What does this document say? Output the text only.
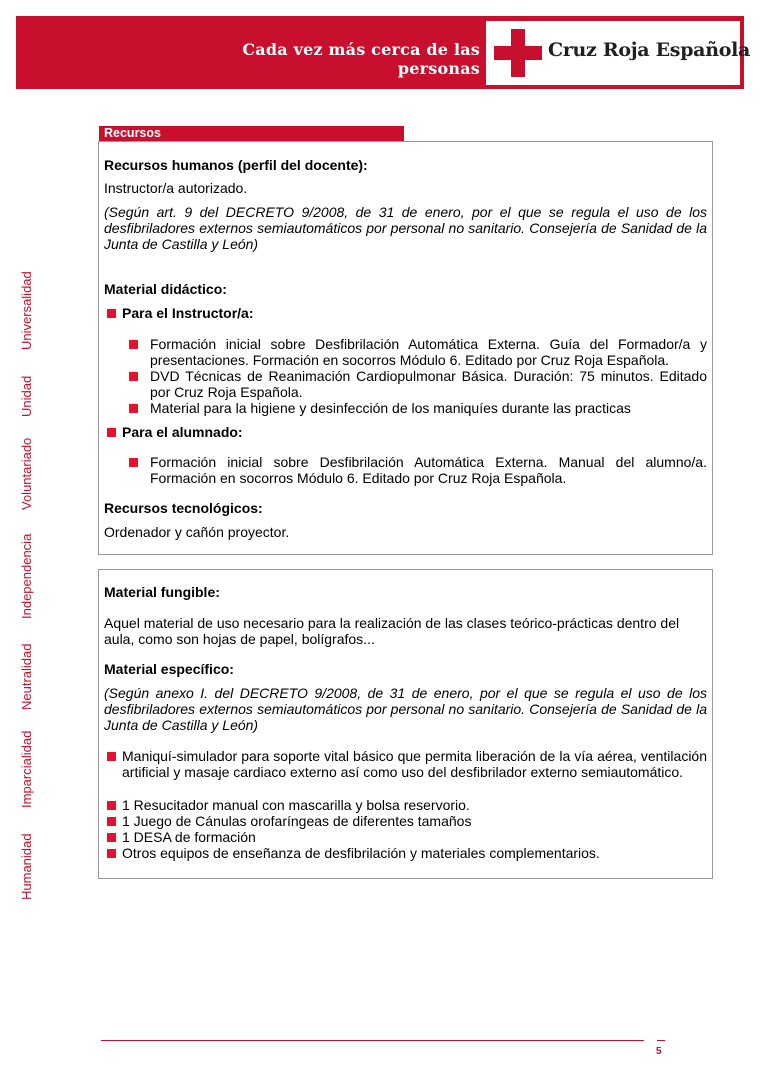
Cada vez más cerca de las personas
Cruz Roja Española
Humanidad
Imparcialidad
Neutralidad
Independencia
Voluntariado
Unidad
Universalidad
Recursos

Recursos humanos (perfil del docente):

Instructor/a autorizado.

(Según art. 9 del DECRETO 9/2008, de 31 de enero, por el que se regula el uso de los desfibriladores externos semiautomáticos por personal no sanitario. Consejería de Sanidad de la Junta de Castilla y León)

Material didáctico:

Para el Instructor/a:
Formación inicial sobre Desfibrilación Automática Externa. Guía del Formador/a y presentaciones. Formación en socorros Módulo 6. Editado por Cruz Roja Española.
DVD Técnicas de Reanimación Cardiopulmonar Básica. Duración: 75 minutos. Editado por Cruz Roja Española.
Material para la higiene y desinfección de los maniquíes durante las practicas
Para el alumnado:
Formación inicial sobre Desfibrilación Automática Externa. Manual del alumno/a. Formación en socorros Módulo 6. Editado por Cruz Roja Española.

Recursos tecnológicos:

Ordenador y cañón proyector.

Material fungible:

Aquel material de uso necesario para la realización de las clases teórico-prácticas dentro del aula, como son hojas de papel, bolígrafos...

Material específico:

(Según anexo I. del DECRETO 9/2008, de 31 de enero, por el que se regula el uso de los desfibriladores externos semiautomáticos por personal no sanitario. Consejería de Sanidad de la Junta de Castilla y León)

Maniquí-simulador para soporte vital básico que permita liberación de la vía aérea, ventilación artificial y masaje cardiaco externo así como uso del desfibrilador externo semiautomático.
1 Resucitador manual con mascarilla y bolsa reservorio.
1 Juego de Cánulas orofaríngeas de diferentes tamaños
1 DESA de formación
Otros equipos de enseñanza de desfibrilación y materiales complementarios.
5
